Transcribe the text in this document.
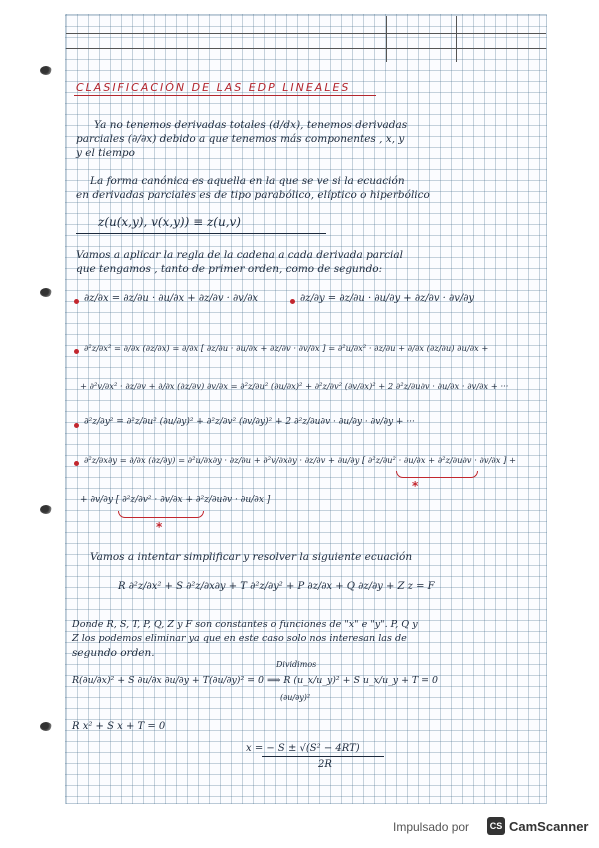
CLASIFICACIÓN DE LAS EDP LINEALES
Ya no tenemos derivadas totales (d/dx), tenemos derivadas
parciales (∂/∂x) debido a que tenemos más componentes , x, y
y el tiempo
La forma canónica es aquella en la que se ve si la ecuación
en derivadas parciales es de tipo parabólico, elíptico o hiperbólico
z(u(x,y), v(x,y)) ≡ z(u,v)
Vamos a aplicar la regla de la cadena a cada derivada parcial
que tengamos , tanto de primer orden, como de segundo:
∂z/∂x = ∂z/∂u · ∂u/∂x + ∂z/∂v · ∂v/∂x	∂z/∂y = ∂z/∂u · ∂u/∂y + ∂z/∂v · ∂v/∂y
∂²z/∂x² = ∂/∂x (∂z/∂x) = ∂/∂x [ ∂z/∂u · ∂u/∂x + ∂z/∂v · ∂v/∂x ] = ∂²u/∂x² · ∂z/∂u + ∂/∂x (∂z/∂u) ∂u/∂x +
+ ∂²v/∂x² · ∂z/∂v + ∂/∂x (∂z/∂v) ∂v/∂x = ∂²z/∂u² (∂u/∂x)² + ∂²z/∂v² (∂v/∂x)² + 2 ∂²z/∂u∂v · ∂u/∂x · ∂v/∂x + ···
∂²z/∂y² = ∂²z/∂u² (∂u/∂y)² + ∂²z/∂v² (∂v/∂y)² + 2 ∂²z/∂u∂v · ∂u/∂y · ∂v/∂y + ···
∂²z/∂x∂y = ∂/∂x (∂z/∂y) = ∂²u/∂x∂y · ∂z/∂u + ∂²v/∂x∂y · ∂z/∂v + ∂u/∂y [ ∂²z/∂u² · ∂u/∂x + ∂²z/∂u∂v · ∂v/∂x ] +
*
+ ∂v/∂y [ ∂²z/∂v² · ∂v/∂x + ∂²z/∂u∂v · ∂u/∂x ]
*
Vamos a intentar simplificar y resolver la siguiente ecuación
R ∂²z/∂x² + S ∂²z/∂x∂y + T ∂²z/∂y² + P ∂z/∂x + Q ∂z/∂y + Z z = F
Donde R, S, T, P, Q, Z y F son constantes o funciones de "x" e "y". P, Q y
Z los podemos eliminar ya que en este caso solo nos interesan las de
segundo orden.
Dividimos
R(∂u/∂x)² + S ∂u/∂x ∂u/∂y + T(∂u/∂y)² = 0 ⟹ R (u_x/u_y)² + S u_x/u_y + T = 0
(∂u/∂y)²
R x² + S x + T = 0
x = − S ± √(S² − 4RT)
2R
Impulsado por	CS CamScanner
